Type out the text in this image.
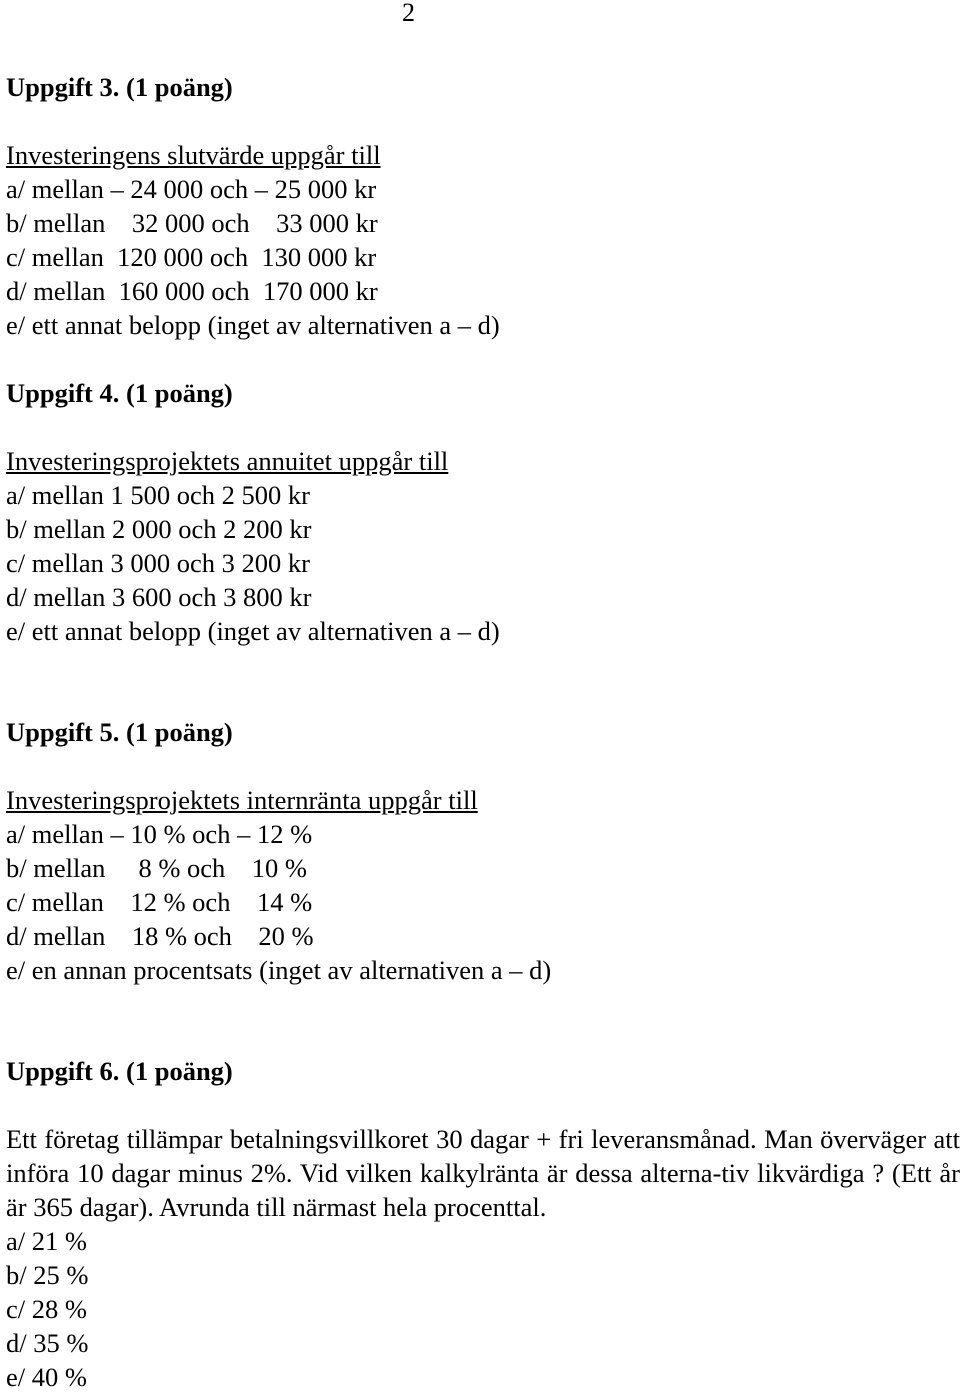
2

Uppgift 3. (1 poäng)

Investeringens slutvärde uppgår till

a/ mellan – 24 000 och – 25 000 kr

b/ mellan    32 000 och    33 000 kr

c/ mellan  120 000 och  130 000 kr

d/ mellan  160 000 och  170 000 kr

e/ ett annat belopp (inget av alternativen a – d)

Uppgift 4. (1 poäng)

Investeringsprojektets annuitet uppgår till

a/ mellan 1 500 och 2 500 kr

b/ mellan 2 000 och 2 200 kr

c/ mellan 3 000 och 3 200 kr

d/ mellan 3 600 och 3 800 kr

e/ ett annat belopp (inget av alternativen a – d)

Uppgift 5. (1 poäng)

Investeringsprojektets internränta uppgår till

a/ mellan – 10 % och – 12 %

b/ mellan     8 % och    10 %

c/ mellan    12 % och    14 %

d/ mellan    18 % och    20 %

e/ en annan procentsats (inget av alternativen a – d)

Uppgift 6. (1 poäng)

Ett företag tillämpar betalningsvillkoret 30 dagar + fri leveransmånad. Man överväger att införa 10 dagar minus 2%. Vid vilken kalkylränta är dessa alterna-tiv likvärdiga ? (Ett år är 365 dagar). Avrunda till närmast hela procenttal.

a/ 21 %

b/ 25 %

c/ 28 %

d/ 35 %

e/ 40 %
